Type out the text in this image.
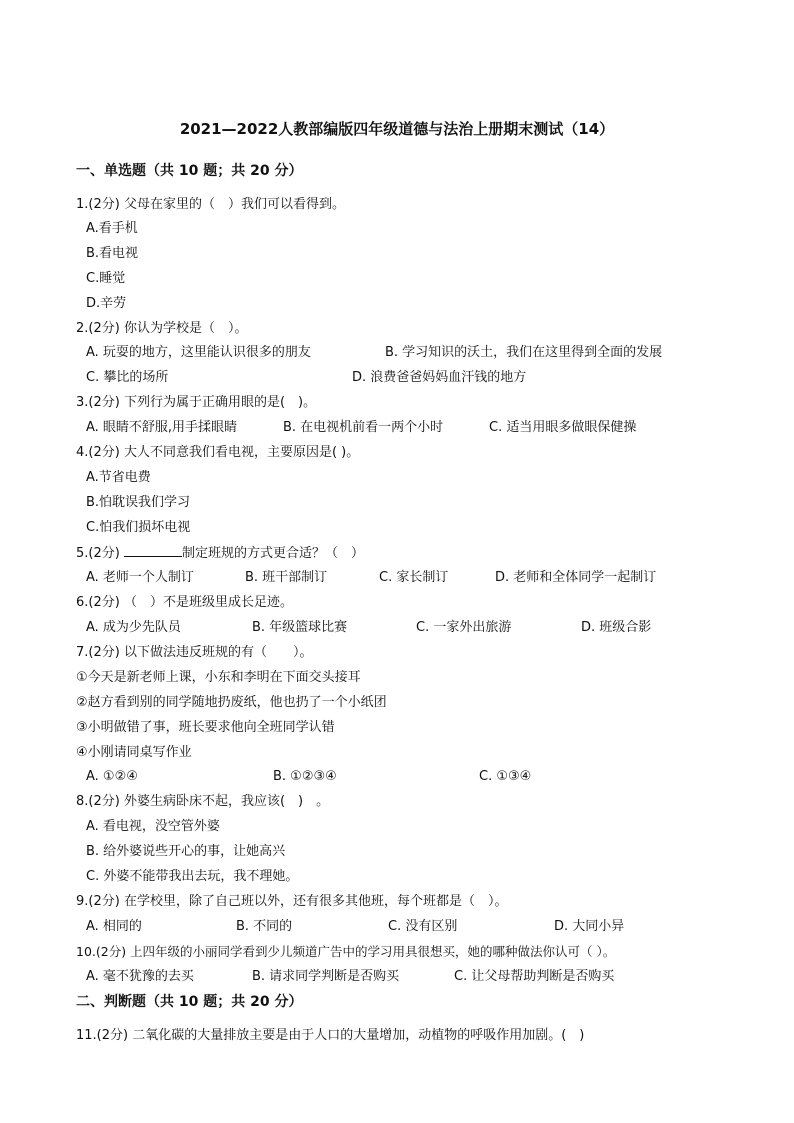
2021—2022人教部编版四年级道德与法治上册期末测试（14）
一、单选题（共 10 题；共 20 分）
1.(2分) 父母在家里的（　）我们可以看得到。
A.看手机
B.看电视
C.睡觉
D.辛劳
2.(2分) 你认为学校是（　）。
A. 玩耍的地方，这里能认识很多的朋友	B. 学习知识的沃土，我们在这里得到全面的发展
C. 攀比的场所	D. 浪费爸爸妈妈血汗钱的地方
3.(2分) 下列行为属于正确用眼的是(　)。
A. 眼睛不舒服,用手揉眼睛	B. 在电视机前看一两个小时	C. 适当用眼多做眼保健操
4.(2分) 大人不同意我们看电视，主要原因是( )。
A.节省电费
B.怕耽误我们学习
C.怕我们损坏电视
5.(2分)	制定班规的方式更合适？（　）
A. 老师一个人制订	B. 班干部制订	C. 家长制订	D. 老师和全体同学一起制订
6.(2分) （　）不是班级里成长足迹。
A. 成为少先队员	B. 年级篮球比赛	C. 一家外出旅游	D. 班级合影
7.(2分) 以下做法违反班规的有（　　）。
①今天是新老师上课，小东和李明在下面交头接耳
②赵方看到别的同学随地扔废纸，他也扔了一个小纸团
③小明做错了事，班长要求他向全班同学认错
④小刚请同桌写作业
A. ①②④	B. ①②③④	C. ①③④
8.(2分) 外婆生病卧床不起，我应该(　)　。
A. 看电视，没空管外婆
B. 给外婆说些开心的事，让她高兴
C. 外婆不能带我出去玩，我不理她。
9.(2分) 在学校里，除了自己班以外，还有很多其他班，每个班都是（　）。
A. 相同的	B. 不同的	C. 没有区别	D. 大同小异
10.(2分) 上四年级的小丽同学看到少儿频道广告中的学习用具很想买，她的哪种做法你认可（ ）。
A. 毫不犹豫的去买	B. 请求同学判断是否购买	C. 让父母帮助判断是否购买
二、判断题（共 10 题；共 20 分）
11.(2分) 二氧化碳的大量排放主要是由于人口的大量增加，动植物的呼吸作用加剧。(　)
